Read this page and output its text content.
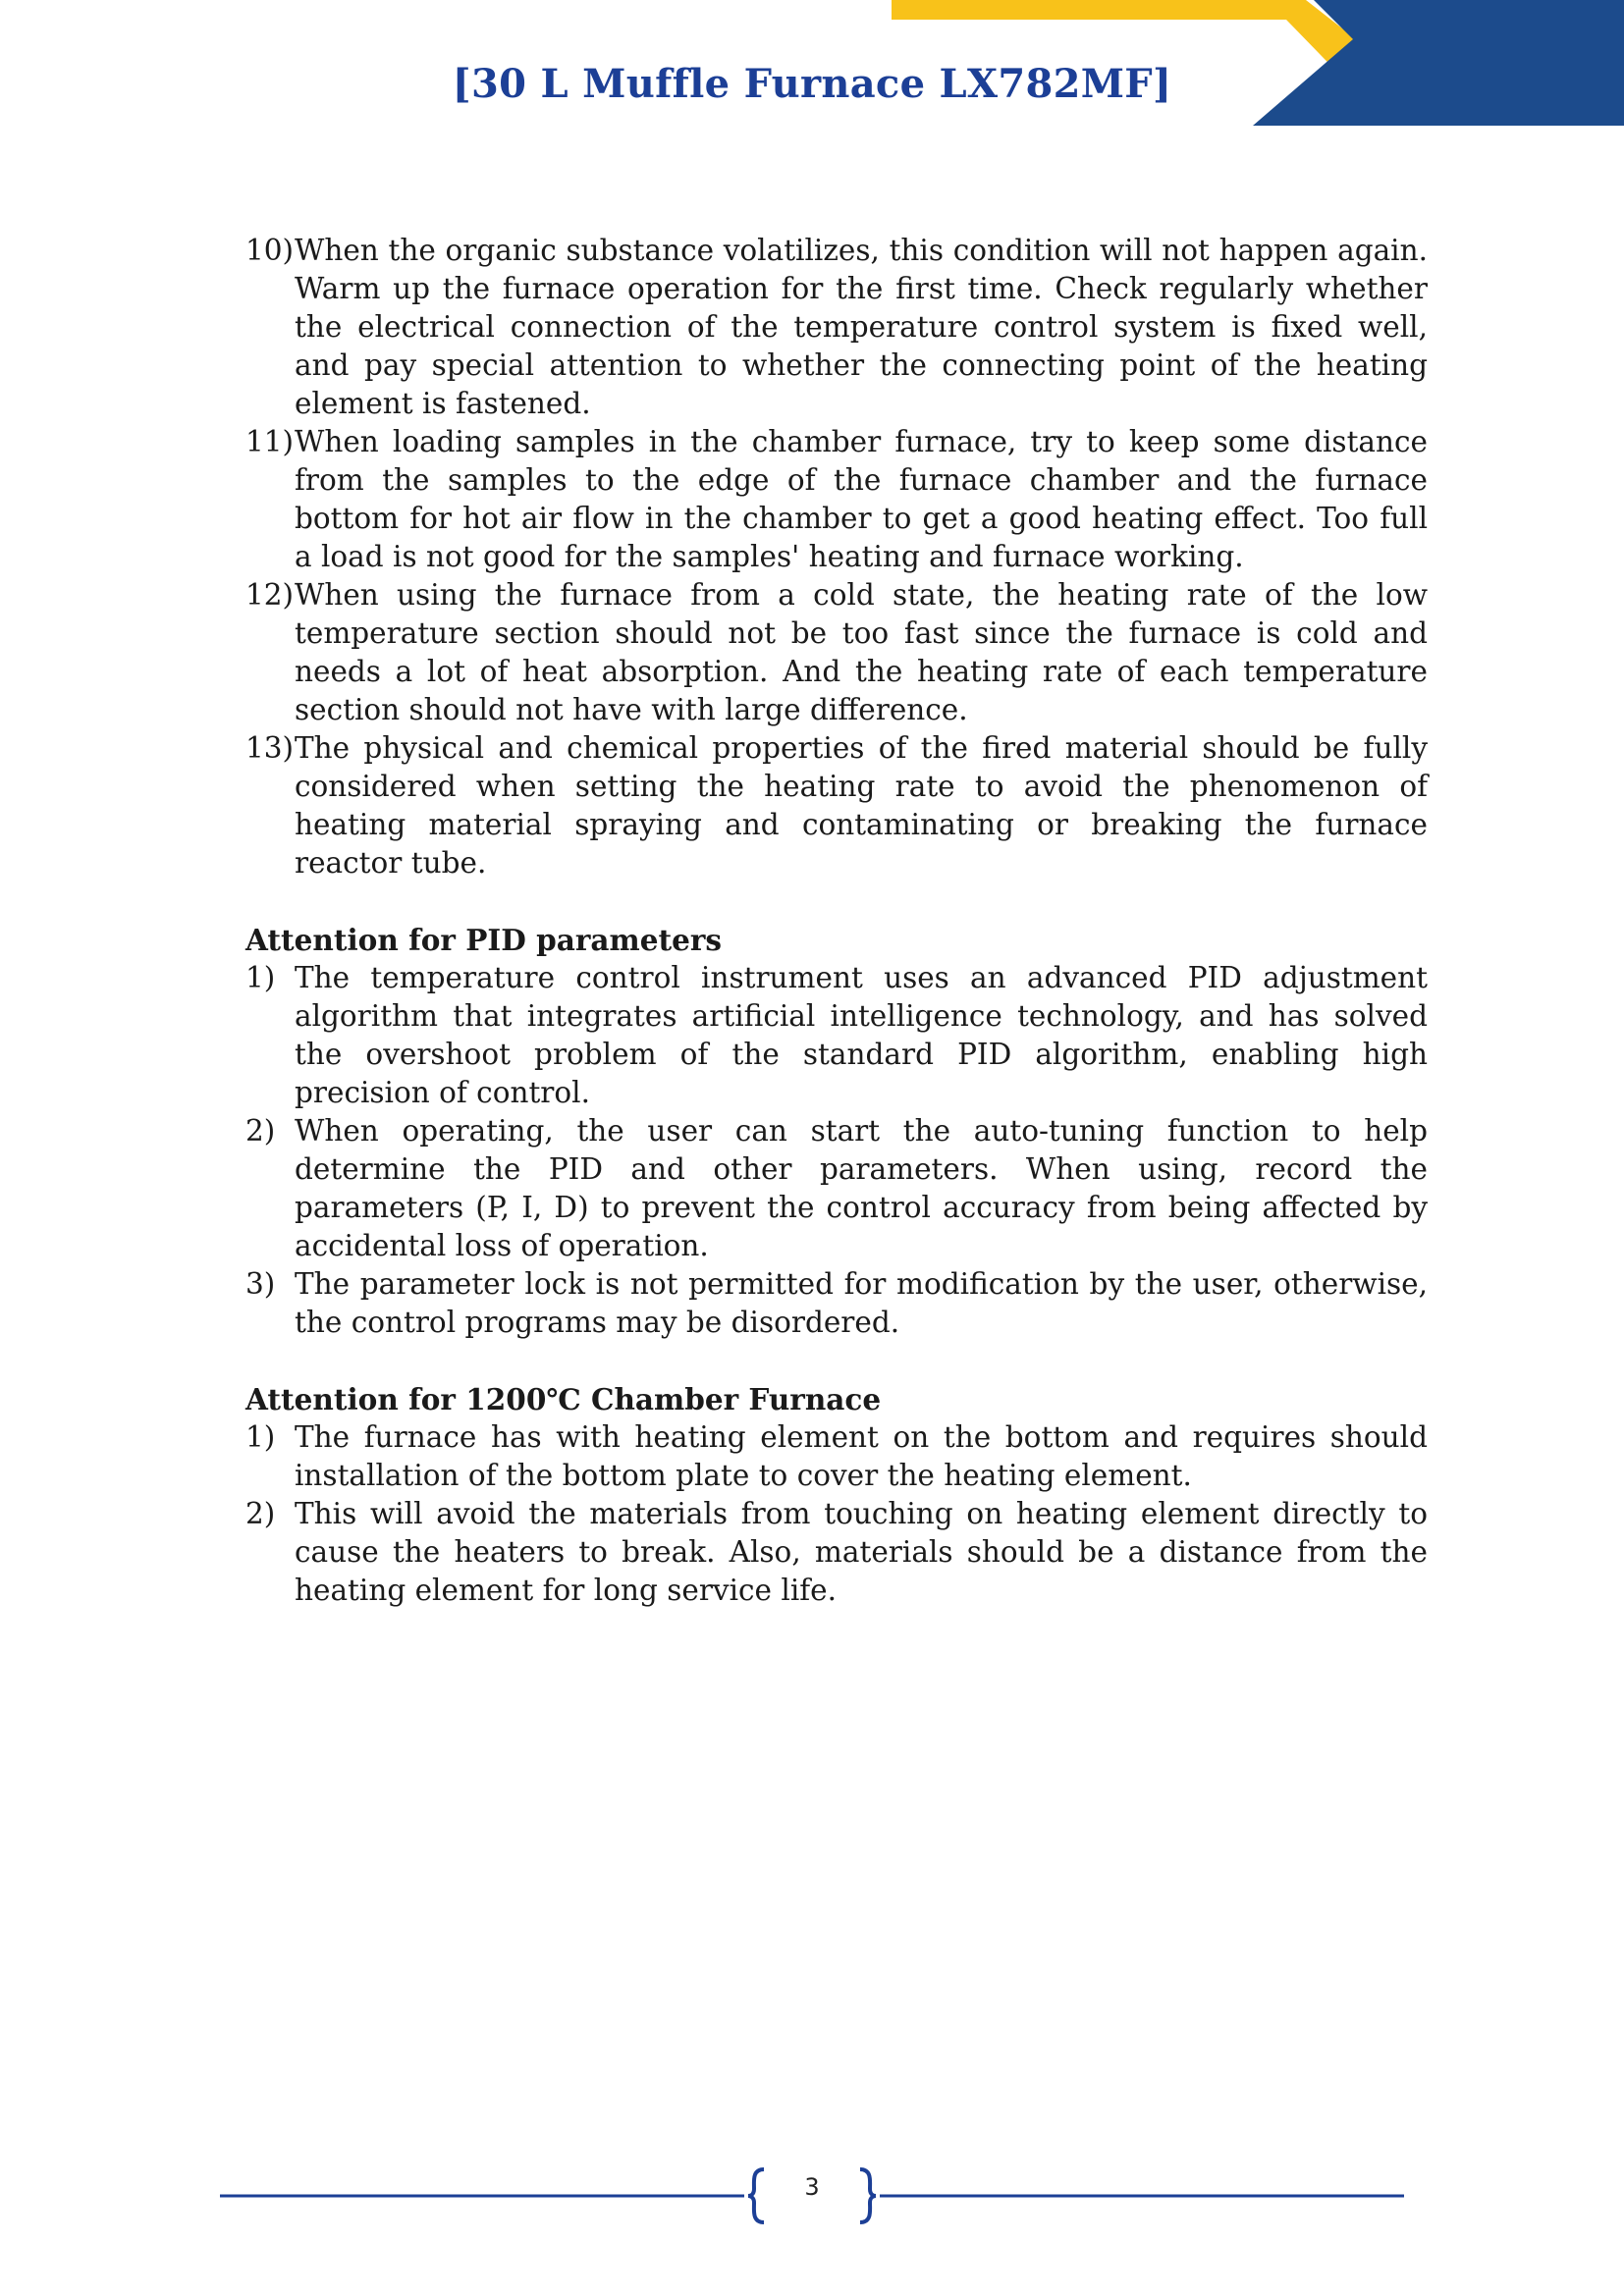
[30 L Muffle Furnace LX782MF]

10) When the organic substance volatilizes, this condition will not happen again. Warm up the furnace operation for the first time. Check regularly whether the electrical connection of the temperature control system is fixed well, and pay special attention to whether the connecting point of the heating element is fastened.

11) When loading samples in the chamber furnace, try to keep some distance from the samples to the edge of the furnace chamber and the furnace bottom for hot air flow in the chamber to get a good heating effect. Too full a load is not good for the samples' heating and furnace working.

12) When using the furnace from a cold state, the heating rate of the low temperature section should not be too fast since the furnace is cold and needs a lot of heat absorption. And the heating rate of each temperature section should not have with large difference.

13) The physical and chemical properties of the fired material should be fully considered when setting the heating rate to avoid the phenomenon of heating material spraying and contaminating or breaking the furnace reactor tube.

Attention for PID parameters

1) The temperature control instrument uses an advanced PID adjustment algorithm that integrates artificial intelligence technology, and has solved the overshoot problem of the standard PID algorithm, enabling high precision of control.

2) When operating, the user can start the auto-tuning function to help determine the PID and other parameters. When using, record the parameters (P, I, D) to prevent the control accuracy from being affected by accidental loss of operation.

3) The parameter lock is not permitted for modification by the user, otherwise, the control programs may be disordered.

Attention for 1200℃ Chamber Furnace

1) The furnace has with heating element on the bottom and requires should installation of the bottom plate to cover the heating element.

2) This will avoid the materials from touching on heating element directly to cause the heaters to break. Also, materials should be a distance from the heating element for long service life.

3
